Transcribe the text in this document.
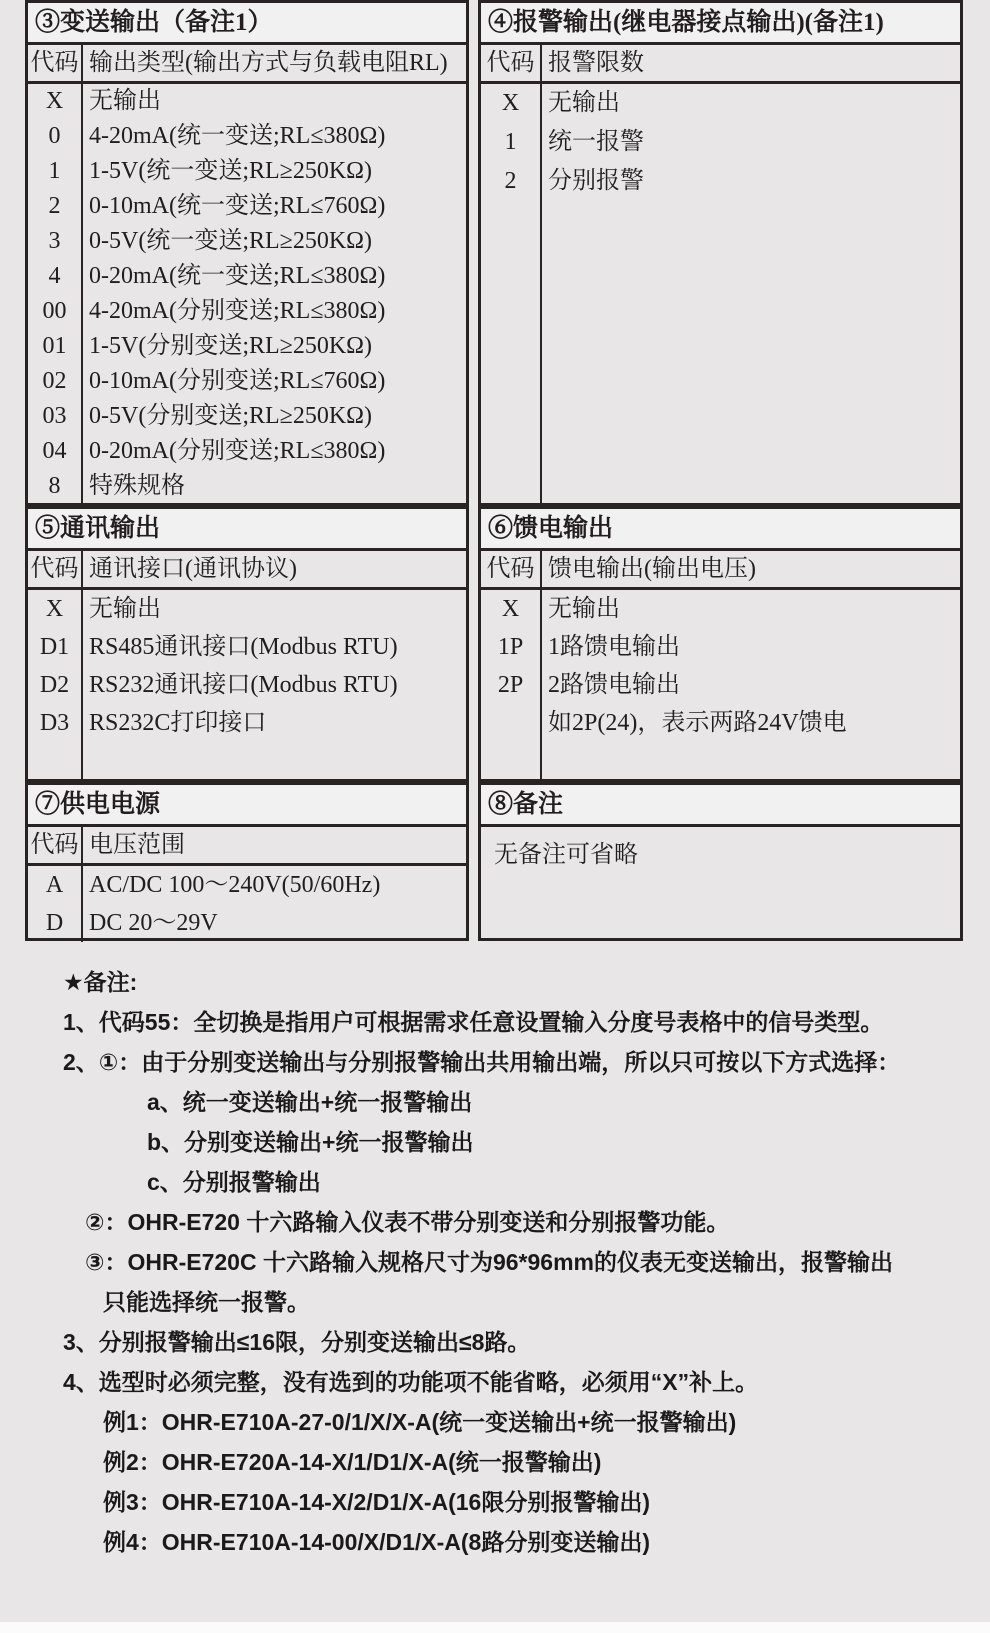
③变送输出（备注1）
代码 输出类型(输出方式与负载电阻RL)
X
0
1
2
3
4
00
01
02
03
04
8
无输出
4-20mA(统一变送;RL≤380Ω)
1-5V(统一变送;RL≥250KΩ)
0-10mA(统一变送;RL≤760Ω)
0-5V(统一变送;RL≥250KΩ)
0-20mA(统一变送;RL≤380Ω)
4-20mA(分别变送;RL≤380Ω)
1-5V(分别变送;RL≥250KΩ)
0-10mA(分别变送;RL≤760Ω)
0-5V(分别变送;RL≥250KΩ)
0-20mA(分别变送;RL≤380Ω)
特殊规格
④报警输出(继电器接点输出)(备注1)
代码 报警限数
X
1
2
无输出
统一报警
分别报警
⑤通讯输出
代码 通讯接口(通讯协议)
X
D1
D2
D3
无输出
RS485通讯接口(Modbus RTU)
RS232通讯接口(Modbus RTU)
RS232C打印接口
⑥馈电输出
代码 馈电输出(输出电压)
X
1P
2P
无输出
1路馈电输出
2路馈电输出
如2P(24)，表示两路24V馈电
⑦供电电源
代码 电压范围
A
D
AC/DC 100～240V(50/60Hz)
DC 20～29V
⑧备注
无备注可省略
★备注:
1、代码55：全切换是指用户可根据需求任意设置输入分度号表格中的信号类型。
2、①：由于分别变送输出与分别报警输出共用输出端，所以只可按以下方式选择：
a、统一变送输出+统一报警输出
b、分别变送输出+统一报警输出
c、分别报警输出
②：OHR-E720 十六路输入仪表不带分别变送和分别报警功能。
③：OHR-E720C 十六路输入规格尺寸为96*96mm的仪表无变送输出，报警输出
只能选择统一报警。
3、分别报警输出≤16限，分别变送输出≤8路。
4、选型时必须完整，没有选到的功能项不能省略，必须用“X”补上。
例1：OHR-E710A-27-0/1/X/X-A(统一变送输出+统一报警输出)
例2：OHR-E720A-14-X/1/D1/X-A(统一报警输出)
例3：OHR-E710A-14-X/2/D1/X-A(16限分别报警输出)
例4：OHR-E710A-14-00/X/D1/X-A(8路分别变送输出)
